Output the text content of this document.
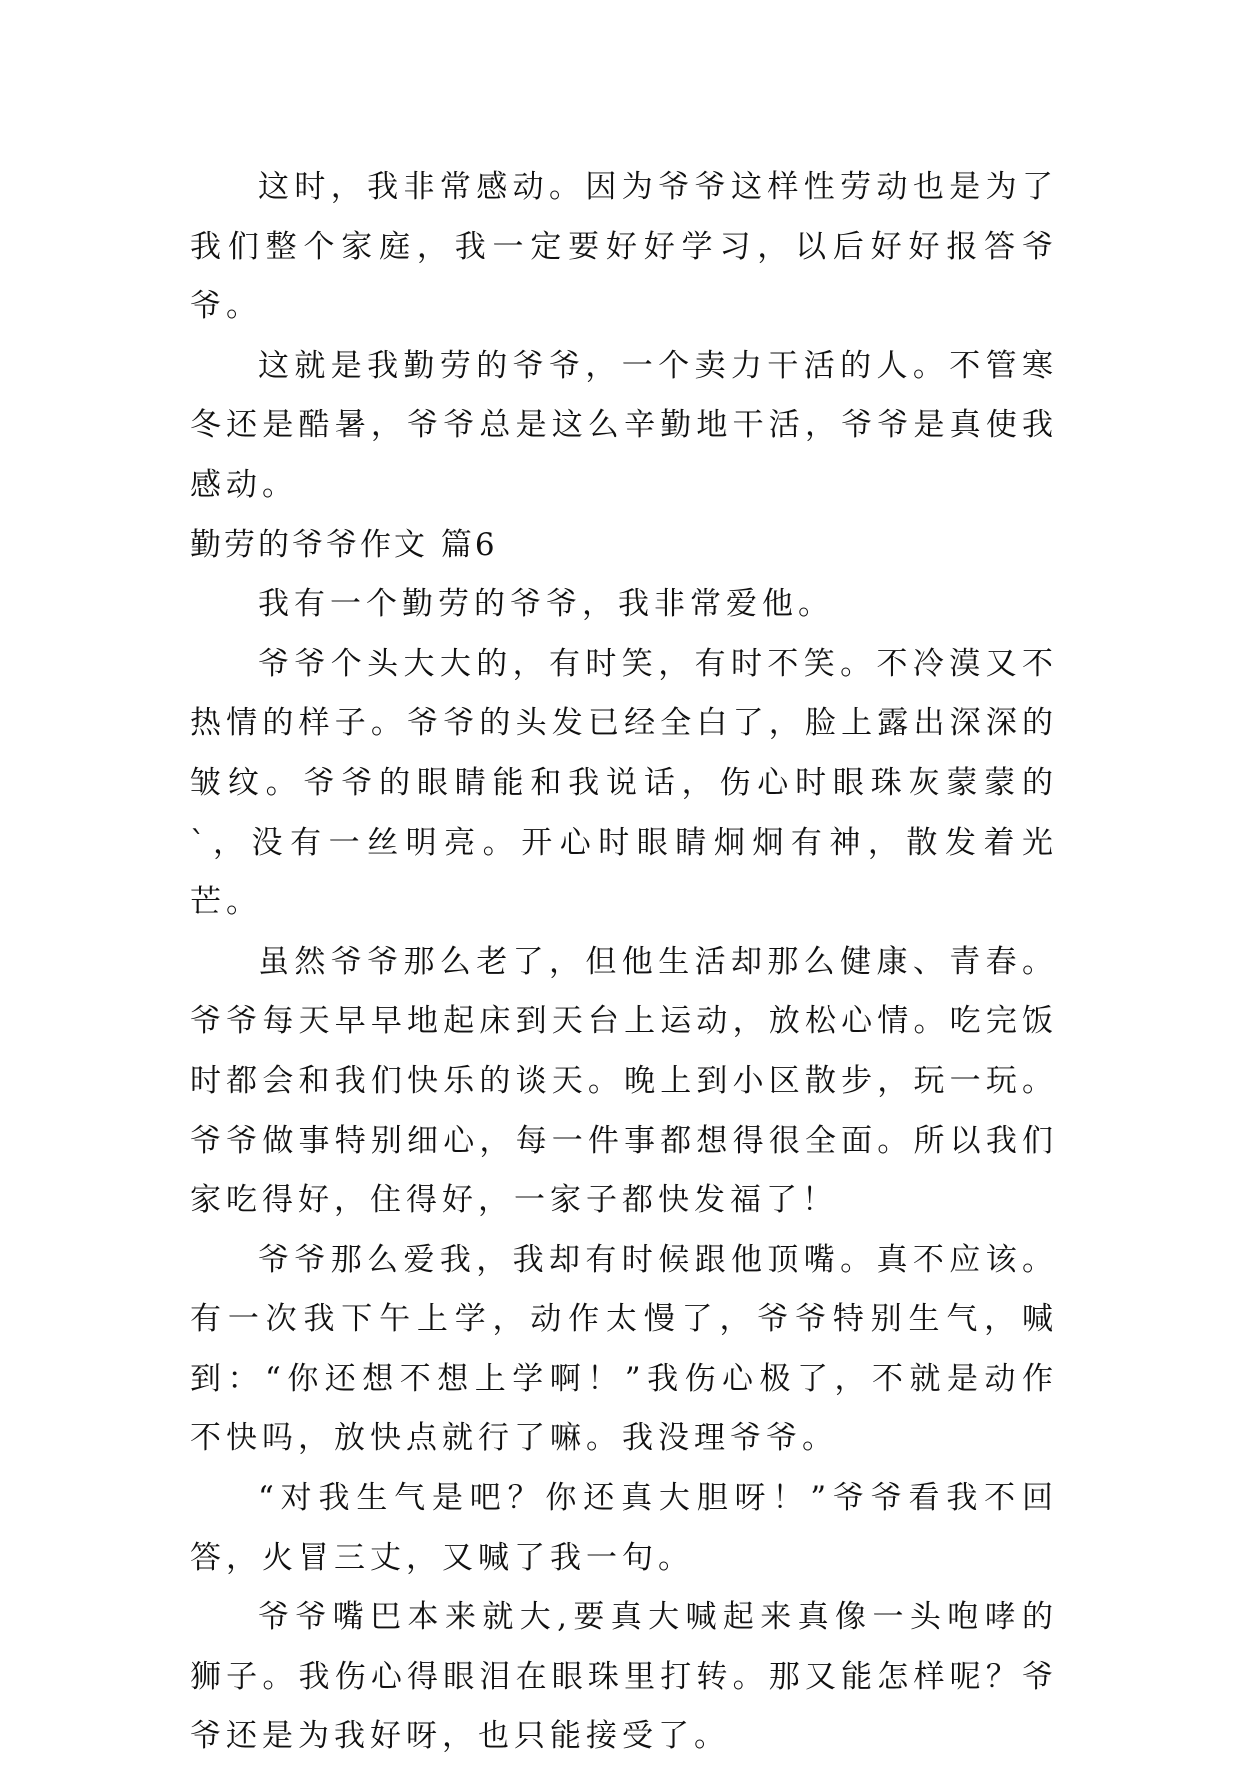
这时，我非常感动。因为爷爷这样性劳动也是为了我们整个家庭，我一定要好好学习，以后好好报答爷爷。

这就是我勤劳的爷爷，一个卖力干活的人。不管寒冬还是酷暑，爷爷总是这么辛勤地干活，爷爷是真使我感动。

勤劳的爷爷作文 篇6

我有一个勤劳的爷爷，我非常爱他。

爷爷个头大大的，有时笑，有时不笑。不冷漠又不热情的样子。爷爷的头发已经全白了，脸上露出深深的皱纹。爷爷的眼睛能和我说话，伤心时眼珠灰蒙蒙的`，没有一丝明亮。开心时眼睛炯炯有神，散发着光芒。

虽然爷爷那么老了，但他生活却那么健康、青春。爷爷每天早早地起床到天台上运动，放松心情。吃完饭时都会和我们快乐的谈天。晚上到小区散步，玩一玩。爷爷做事特别细心，每一件事都想得很全面。所以我们家吃得好，住得好，一家子都快发福了！

爷爷那么爱我，我却有时候跟他顶嘴。真不应该。有一次我下午上学，动作太慢了，爷爷特别生气，喊到：“你还想不想上学啊！”我伤心极了，不就是动作不快吗，放快点就行了嘛。我没理爷爷。

“对我生气是吧？你还真大胆呀！”爷爷看我不回答，火冒三丈，又喊了我一句。

爷爷嘴巴本来就大,要真大喊起来真像一头咆哮的狮子。我伤心得眼泪在眼珠里打转。那又能怎样呢？爷爷还是为我好呀，也只能接受了。
